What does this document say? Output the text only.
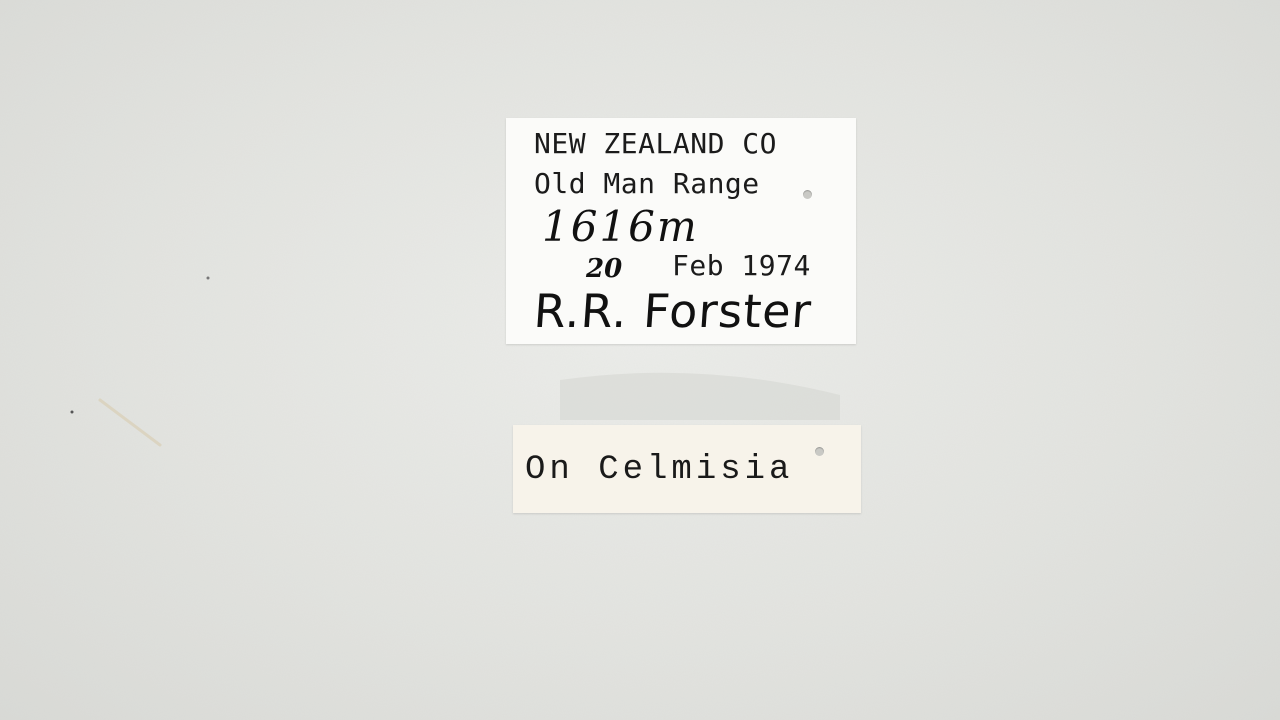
NEW ZEALAND CO
Old Man Range
1616m
20 Feb 1974
R.R. Forster
On Celmisia
